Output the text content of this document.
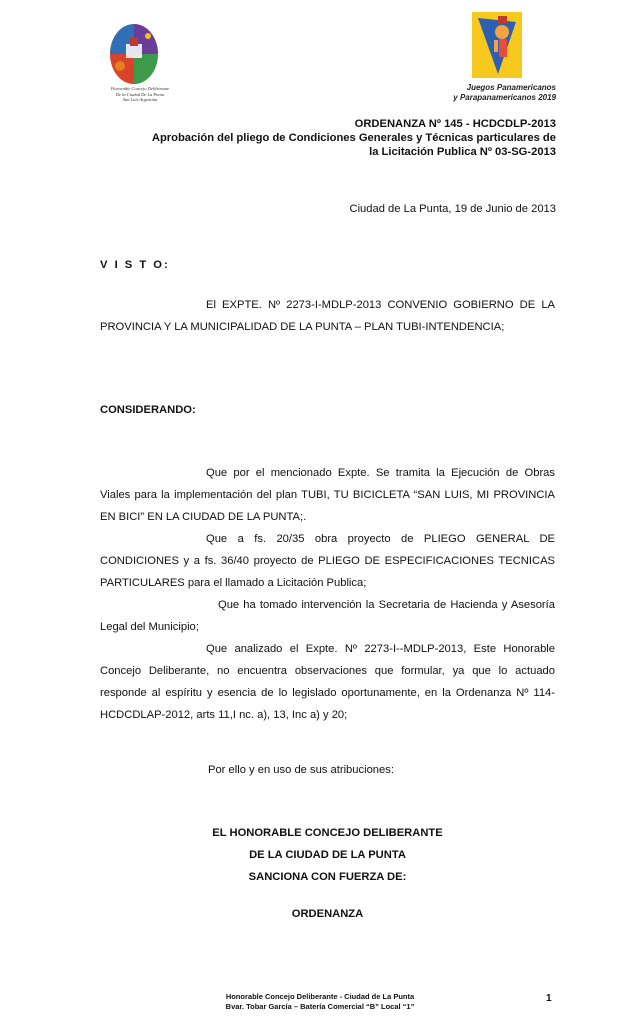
Honorable Concejo Deliberante
De la Ciudad De La Punta
San Luis Argentina
Juegos Panamericanos
y Parapanamericanos 2019
ORDENANZA Nº 145 - HCDCDLP-2013
Aprobación del pliego de Condiciones Generales y Técnicas particulares de
la Licitación Publica Nº 03-SG-2013
Ciudad de La Punta, 19 de Junio de 2013
V I S T O:
El EXPTE. Nº 2273-I-MDLP-2013 CONVENIO GOBIERNO DE LA PROVINCIA Y LA MUNICIPALIDAD DE LA PUNTA – PLAN TUBI-INTENDENCIA;
CONSIDERANDO:
Que por el mencionado Expte. Se tramita la Ejecución de Obras Viales para la implementación del plan TUBI, TU BICICLETA “SAN LUIS, MI PROVINCIA EN BICI” EN LA CIUDAD DE LA PUNTA;.
Que a fs. 20/35 obra proyecto de PLIEGO GENERAL DE CONDICIONES y a fs. 36/40 proyecto de PLIEGO DE ESPECIFICACIONES TECNICAS PARTICULARES para el llamado a Licitación Publica;
Que ha tomado intervención la Secretaria de Hacienda y Asesoría Legal del Municipio;
Que analizado el Expte. Nº 2273-I--MDLP-2013, Este Honorable Concejo Deliberante, no encuentra observaciones que formular, ya que lo actuado responde al espíritu y esencia de lo legislado oportunamente, en la Ordenanza Nº 114-HCDCDLAP-2012, arts 11,I nc. a), 13, Inc a) y 20;
Por ello y en uso de sus atribuciones:
EL HONORABLE CONCEJO DELIBERANTE
DE LA CIUDAD DE LA PUNTA
SANCIONA CON FUERZA DE:
ORDENANZA
Honorable Concejo Deliberante - Ciudad de La Punta
Bvar. Tobar García – Batería Comercial “B” Local “1”
1
